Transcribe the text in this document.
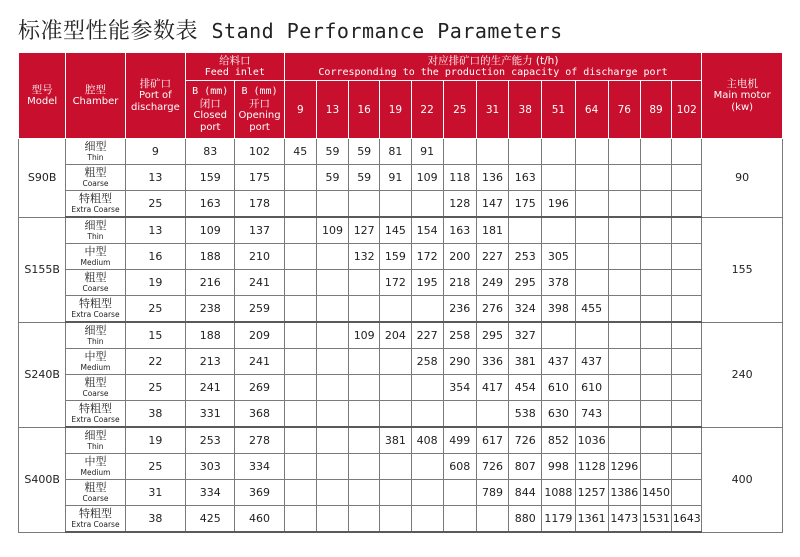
标准型性能参数表 Stand Performance Parameters
型号
Model	腔型
Chamber	排矿口
Port of
discharge	给料口
Feed inlet		对应排矿口的生产能力 (t/h)
Corresponding to the production capacity of discharge port													主电机
Main motor
(kw)

			B (mm)
闭口
Closed
port	B (mm)
开口
Opening
port	9	13	16	19	22	25	31	38	51	64	76	89	102	
S90B	细型
Thin	9	83	102	45	59	59	81	91									90

	粗型
Coarse	13	159	175		59	59	91	109	118	136	163						

	特粗型
Extra Coarse	25	163	178						128	147	175	196					
S155B	细型
Thin	13	109	137		109	127	145	154	163	181							155

	中型
Medium	16	188	210			132	159	172	200	227	253	305					

	粗型
Coarse	19	216	241				172	195	218	249	295	378					

	特粗型
Extra Coarse	25	238	259						236	276	324	398	455				
S240B	细型
Thin	15	188	209			109	204	227	258	295	327						240

	中型
Medium	22	213	241					258	290	336	381	437	437				

	粗型
Coarse	25	241	269						354	417	454	610	610				

	特粗型
Extra Coarse	38	331	368								538	630	743				
S400B	细型
Thin	19	253	278				381	408	499	617	726	852	1036				400

	中型
Medium	25	303	334						608	726	807	998	1128	1296			

	粗型
Coarse	31	334	369							789	844	1088	1257	1386	1450		

	特粗型
Extra Coarse	38	425	460								880	1179	1361	1473	1531	1643	
